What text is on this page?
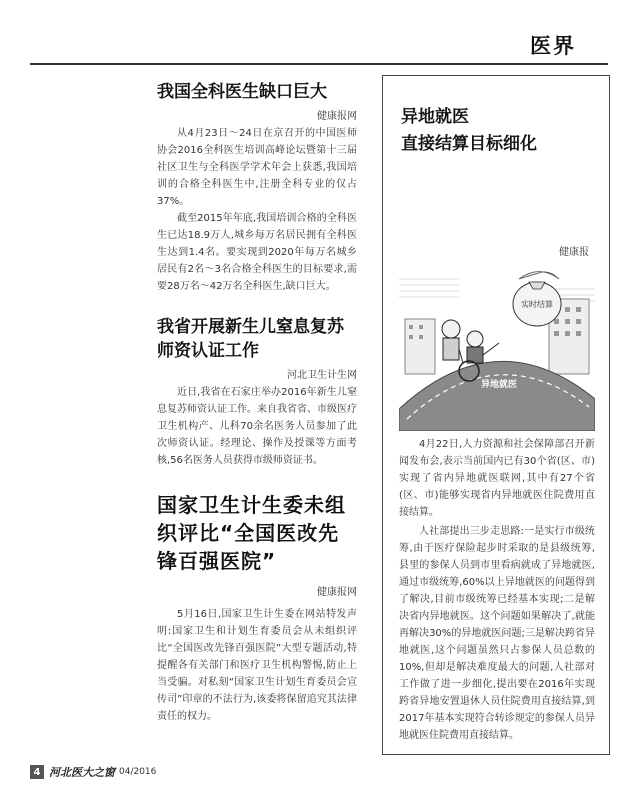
医界
我国全科医生缺口巨大
健康报网

从4月23日～24日在京召开的中国医师协会2016全科医生培训高峰论坛暨第十三届社区卫生与全科医学学术年会上获悉,我国培训的合格全科医生中,注册全科专业的仅占37%。

截至2015年年底,我国培训合格的全科医生已达18.9万人,城乡每万名居民拥有全科医生达到1.4名。要实现到2020年每万名城乡居民有2名～3名合格全科医生的目标要求,需要28万名～42万名全科医生,缺口巨大。

我省开展新生儿窒息复苏师资认证工作
河北卫生计生网

近日,我省在石家庄举办2016年新生儿窒息复苏师资认证工作。来自我省省、市级医疗卫生机构产、儿科70余名医务人员参加了此次师资认证。经理论、操作及授课等方面考核,56名医务人员获得市级师资证书。

国家卫生计生委未组织评比“全国医改先锋百强医院”
健康报网

5月16日,国家卫生计生委在网站特发声明:国家卫生和计划生育委员会从未组织评比“全国医改先锋百强医院”大型专题活动,特提醒各有关部门和医疗卫生机构警惕,防止上当受骗。对私刻“国家卫生计划生育委员会宣传司”印章的不法行为,该委将保留追究其法律责任的权力。

异地就医
直接结算目标细化
健康报
异地就医
实时结算

4月22日,人力资源和社会保障部召开新闻发布会,表示当前国内已有30个省(区、市)实现了省内异地就医联网,其中有27个省(区、市)能够实现省内异地就医住院费用直接结算。

人社部提出三步走思路:一是实行市级统筹,由于医疗保险起步时采取的是县级统筹,县里的参保人员到市里看病就成了异地就医,通过市级统筹,60%以上异地就医的问题得到了解决,目前市级统筹已经基本实现;二是解决省内异地就医。这个问题如果解决了,就能再解决30%的异地就医问题;三是解决跨省异地就医,这个问题虽然只占参保人员总数的10%,但却是解决难度最大的问题,人社部对工作做了进一步细化,提出要在2016年实现跨省异地安置退休人员住院费用直接结算,到2017年基本实现符合转诊规定的参保人员异地就医住院费用直接结算。

4 河北医大之窗 04/2016
